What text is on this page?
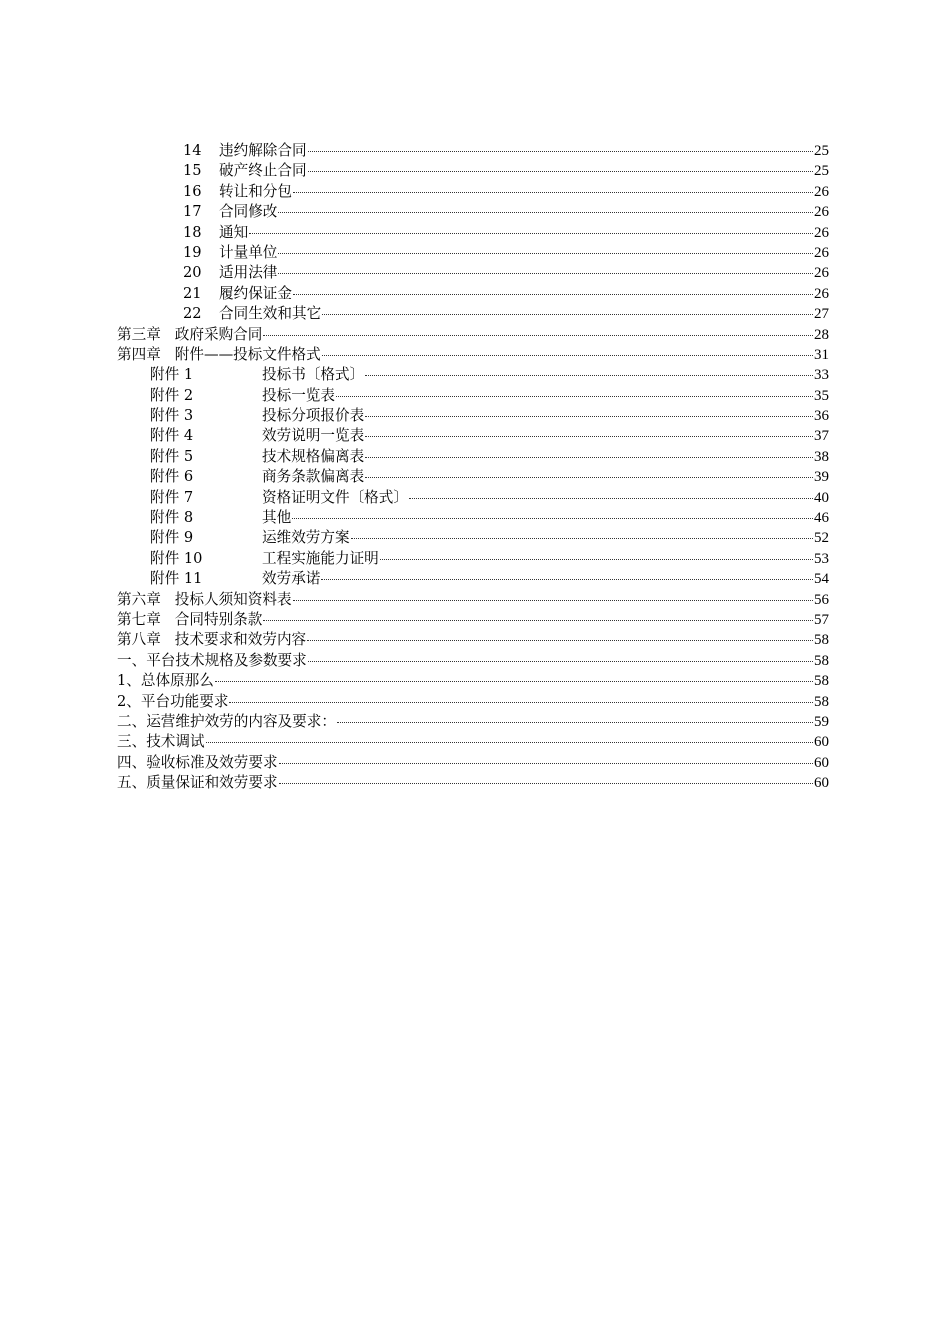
14	违约解除合同	25
15	破产终止合同	25
16	转让和分包	26
17	合同修改	26
18	通知	26
19	计量单位	26
20	适用法律	26
21	履约保证金	26
22	合同生效和其它	27
第三章 政府采购合同	28
第四章 附件——投标文件格式	31
附件 1	投标书〔格式〕	33
附件 2	投标一览表	35
附件 3	投标分项报价表	36
附件 4	效劳说明一览表	37
附件 5	技术规格偏离表	38
附件 6	商务条款偏离表	39
附件 7	资格证明文件〔格式〕	40
附件 8	其他	46
附件 9	运维效劳方案	52
附件 10	工程实施能力证明	53
附件 11	效劳承诺	54
第六章 投标人须知资料表	56
第七章 合同特别条款	57
第八章 技术要求和效劳内容	58
一、平台技术规格及参数要求	58
1、总体原那么	58
2、平台功能要求	58
二、运营维护效劳的内容及要求：	59
三、技术调试	60
四、验收标准及效劳要求	60
五、质量保证和效劳要求	60
